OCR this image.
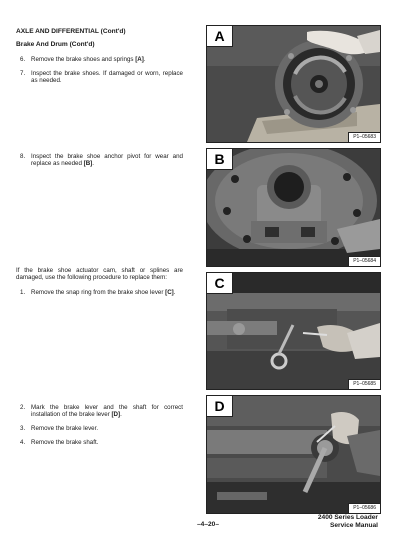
AXLE AND DIFFERENTIAL (Cont'd)
Brake And Drum (Cont'd)
6. Remove the brake shoes and springs [A].
7. Inspect the brake shoes. If damaged or worn, replace as needed.
8. Inspect the brake shoe anchor pivot for wear and replace as needed [B].
If the brake shoe actuator cam, shaft or splines are damaged, use the following procedure to replace them:
1. Remove the snap ring from the brake shoe lever [C].
2. Mark the brake lever and the shaft for correct installation of the brake lever [D].
3. Remove the brake lever.
4. Remove the brake shaft.
A
P1–05683
B
P1–05684
C
P1–05685
D
P1–05686
–4–20–
2400 Series Loader
Service Manual
